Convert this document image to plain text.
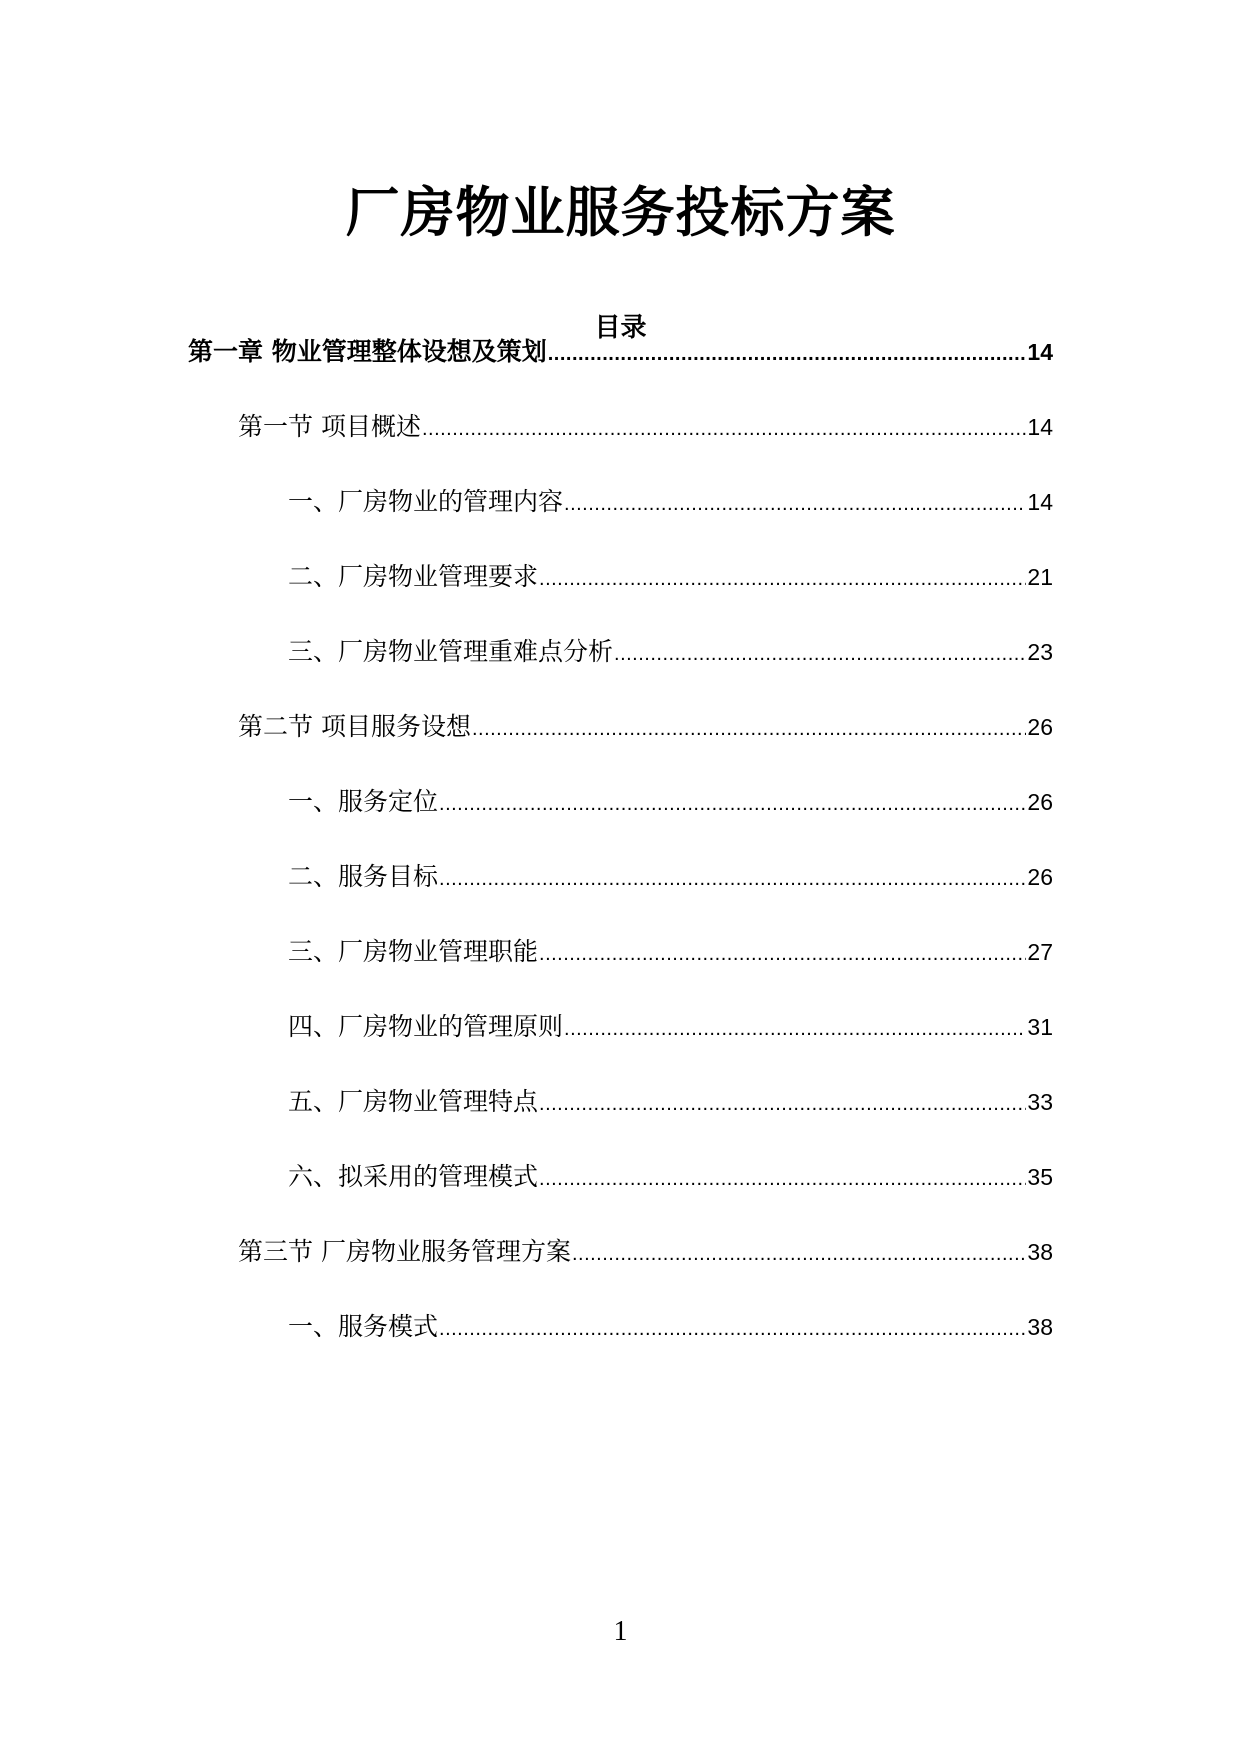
厂房物业服务投标方案
目录
第一章 物业管理整体设想及策划 .....	14
第一节 项目概述 .....	14
一、厂房物业的管理内容 .....	14
二、厂房物业管理要求 .....	21
三、厂房物业管理重难点分析 .....	23
第二节 项目服务设想 .....	26
一、服务定位 .....	26
二、服务目标 .....	26
三、厂房物业管理职能 .....	27
四、厂房物业的管理原则 .....	31
五、厂房物业管理特点 .....	33
六、拟采用的管理模式 .....	35
第三节 厂房物业服务管理方案 .....	38
一、服务模式 .....	38
1
